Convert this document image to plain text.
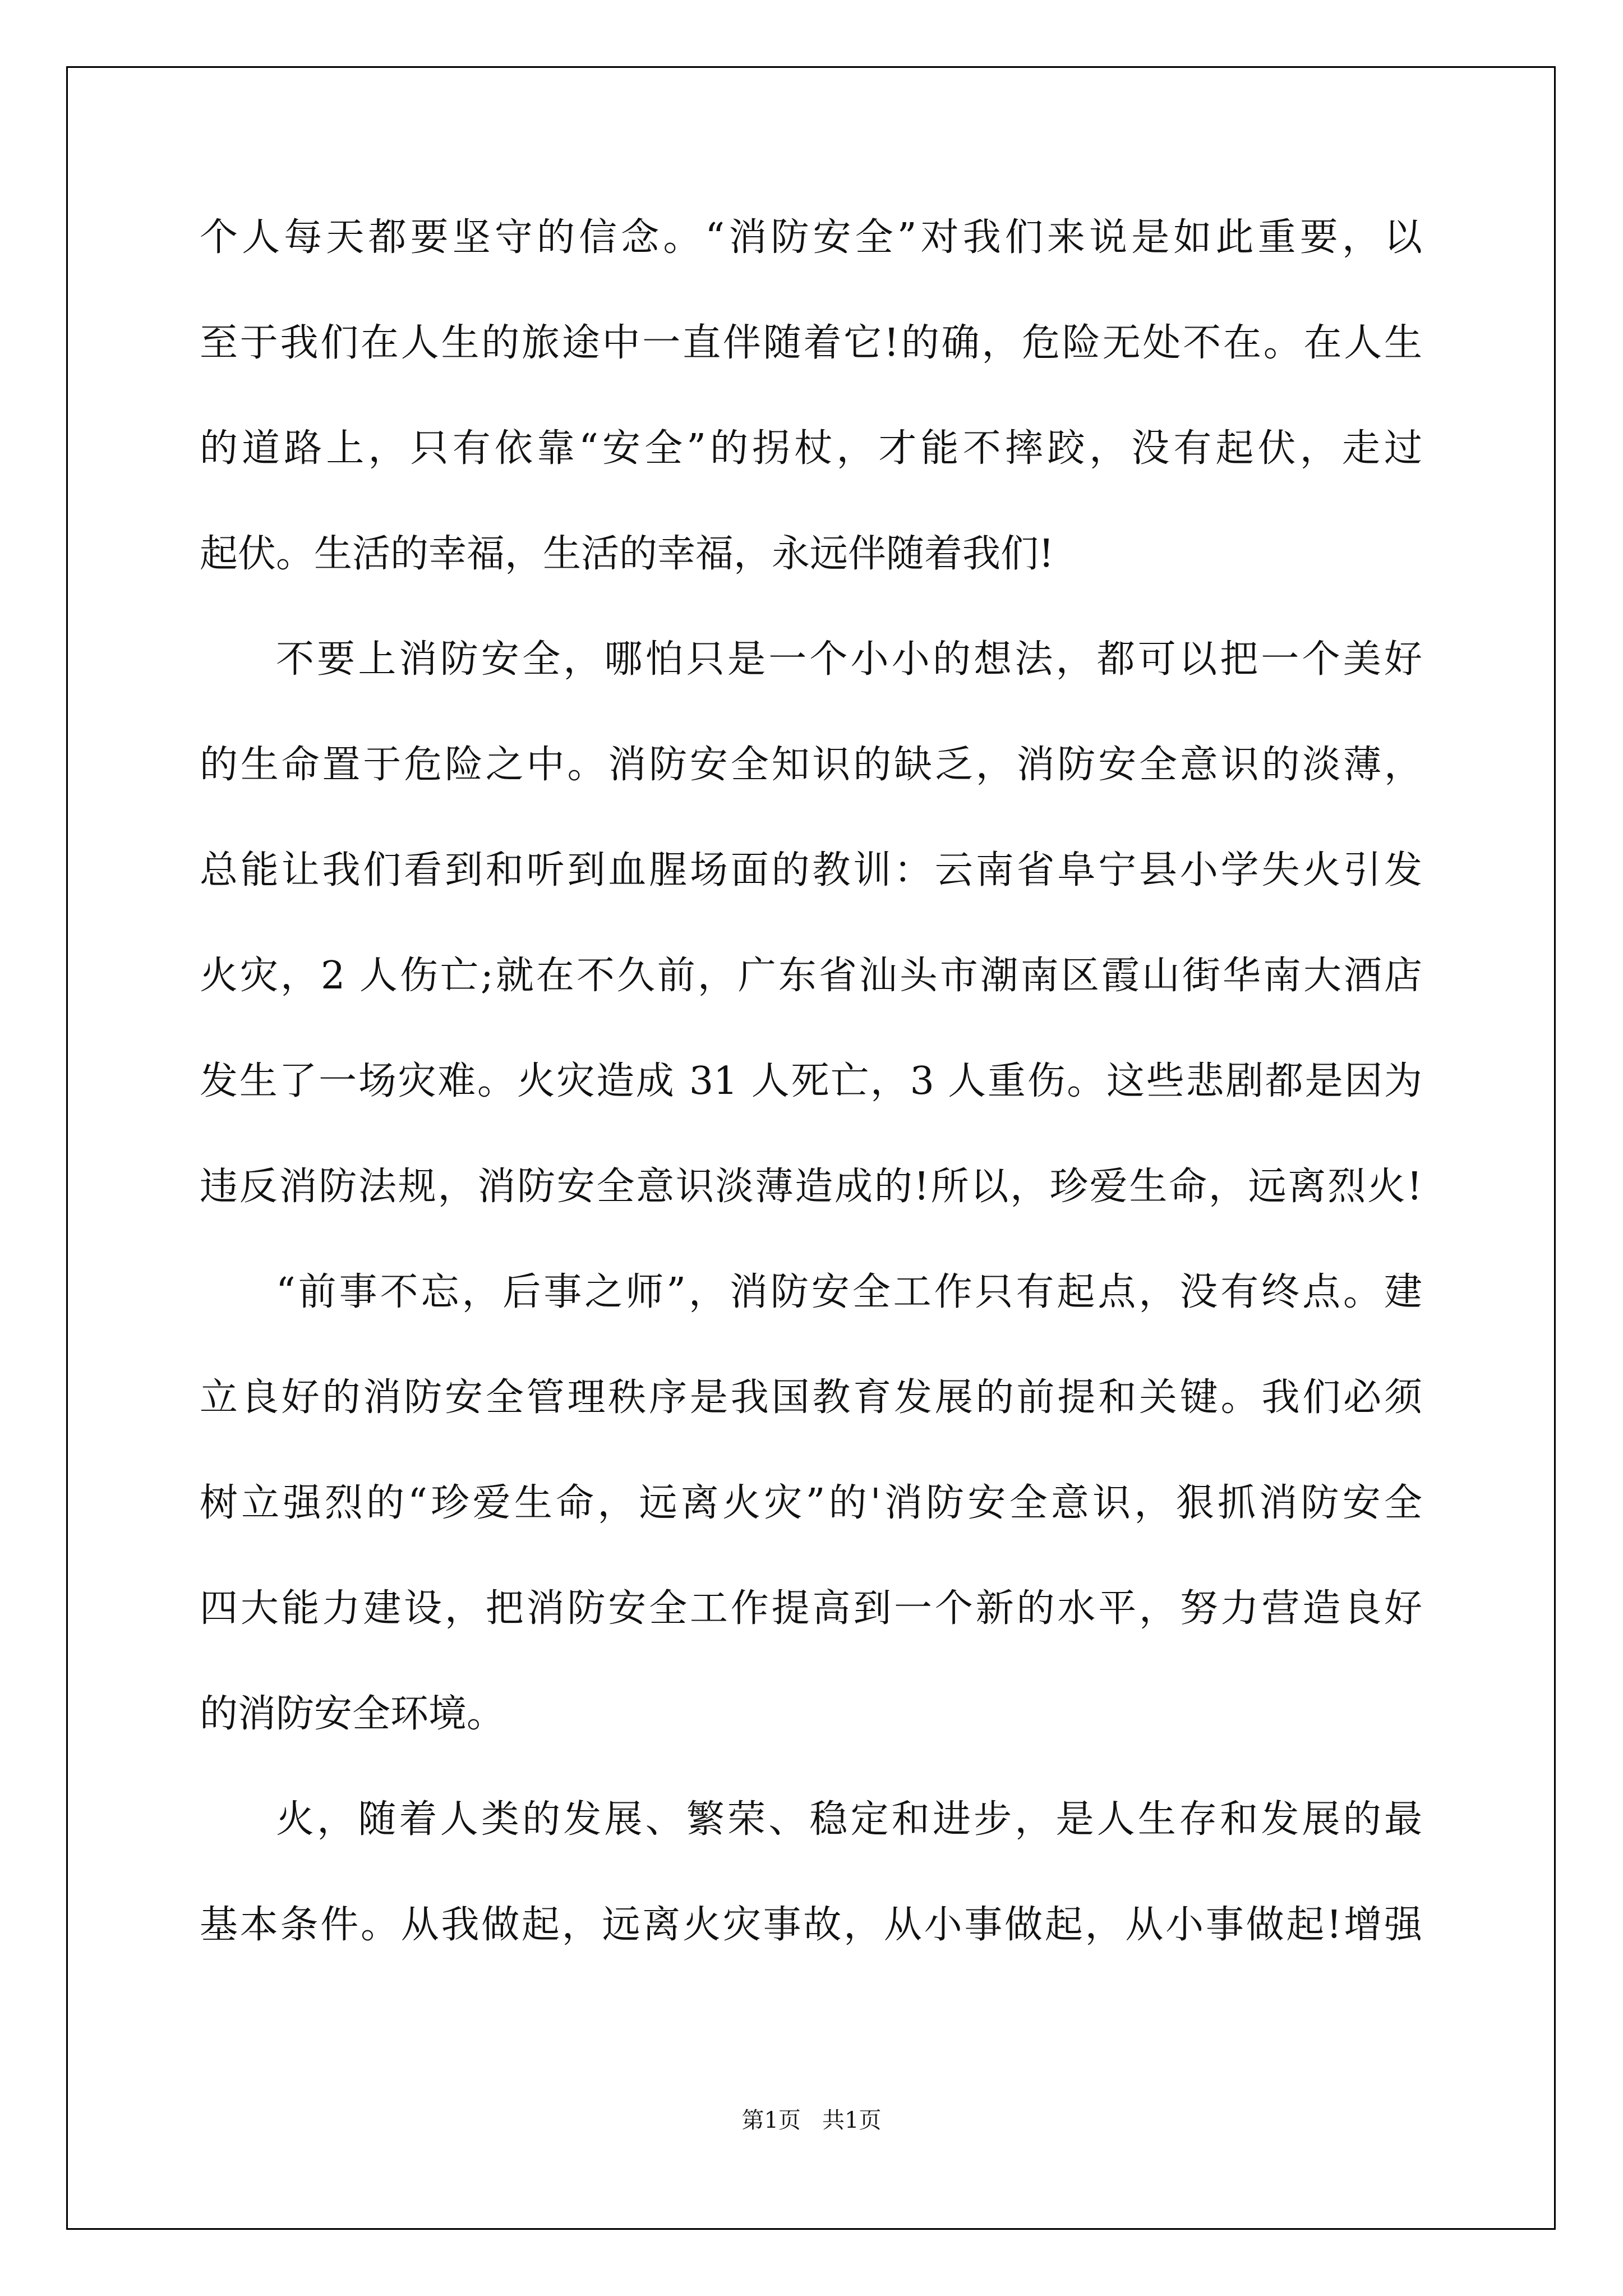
个人每天都要坚守的信念。“消防安全”对我们来说是如此重要，以
至于我们在人生的旅途中一直伴随着它!的确，危险无处不在。在人生
的道路上，只有依靠“安全”的拐杖，才能不摔跤，没有起伏，走过
起伏。生活的幸福，生活的幸福，永远伴随着我们!
不要上消防安全，哪怕只是一个小小的想法，都可以把一个美好
的生命置于危险之中。消防安全知识的缺乏，消防安全意识的淡薄，
总能让我们看到和听到血腥场面的教训：云南省阜宁县小学失火引发
火灾，2 人伤亡;就在不久前，广东省汕头市潮南区霞山街华南大酒店
发生了一场灾难。火灾造成 31 人死亡，3 人重伤。这些悲剧都是因为
违反消防法规，消防安全意识淡薄造成的!所以，珍爱生命，远离烈火!
“前事不忘，后事之师”，消防安全工作只有起点，没有终点。建
立良好的消防安全管理秩序是我国教育发展的前提和关键。我们必须
树立强烈的“珍爱生命，远离火灾”的'消防安全意识，狠抓消防安全
四大能力建设，把消防安全工作提高到一个新的水平，努力营造良好
的消防安全环境。
火，随着人类的发展、繁荣、稳定和进步，是人生存和发展的最
基本条件。从我做起，远离火灾事故，从小事做起，从小事做起!增强
第1页   共1页
